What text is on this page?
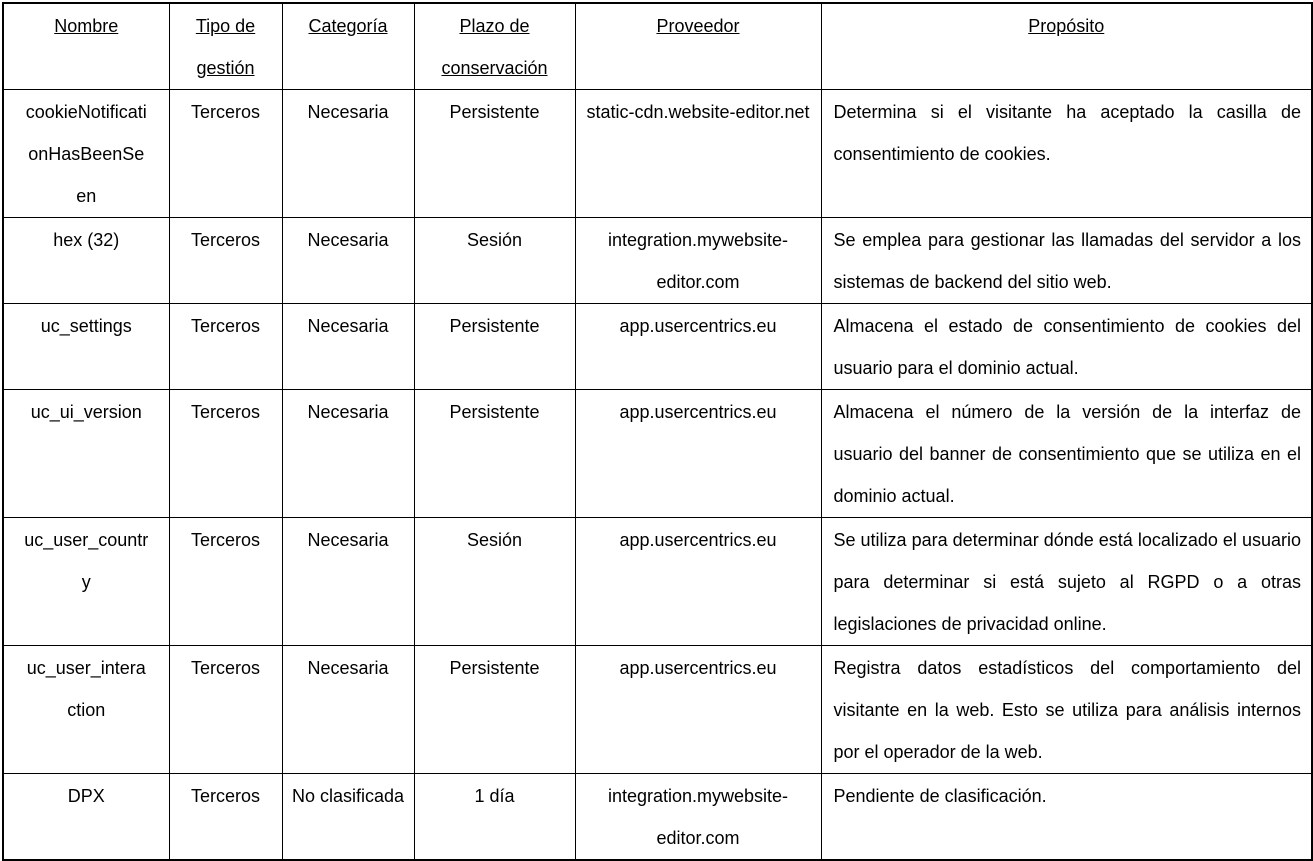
Nombre	Tipo de gestión	Categoría	Plazo de conservación	Proveedor	Propósito
cookieNotificationHasBeenSeen	Terceros	Necesaria	Persistente	static-cdn.website-editor.net	Determina si el visitante ha aceptado la casilla de consentimiento de cookies.
hex (32)	Terceros	Necesaria	Sesión	integration.mywebsite-editor.com	Se emplea para gestionar las llamadas del servidor a los sistemas de backend del sitio web.
uc_settings	Terceros	Necesaria	Persistente	app.usercentrics.eu	Almacena el estado de consentimiento de cookies del usuario para el dominio actual.
uc_ui_version	Terceros	Necesaria	Persistente	app.usercentrics.eu	Almacena el número de la versión de la interfaz de usuario del banner de consentimiento que se utiliza en el dominio actual.
uc_user_country	Terceros	Necesaria	Sesión	app.usercentrics.eu	Se utiliza para determinar dónde está localizado el usuario para determinar si está sujeto al RGPD o a otras legislaciones de privacidad online.
uc_user_interaction	Terceros	Necesaria	Persistente	app.usercentrics.eu	Registra datos estadísticos del comportamiento del visitante en la web. Esto se utiliza para análisis internos por el operador de la web.
DPX	Terceros	No clasificada	1 día	integration.mywebsite-editor.com	Pendiente de clasificación.
